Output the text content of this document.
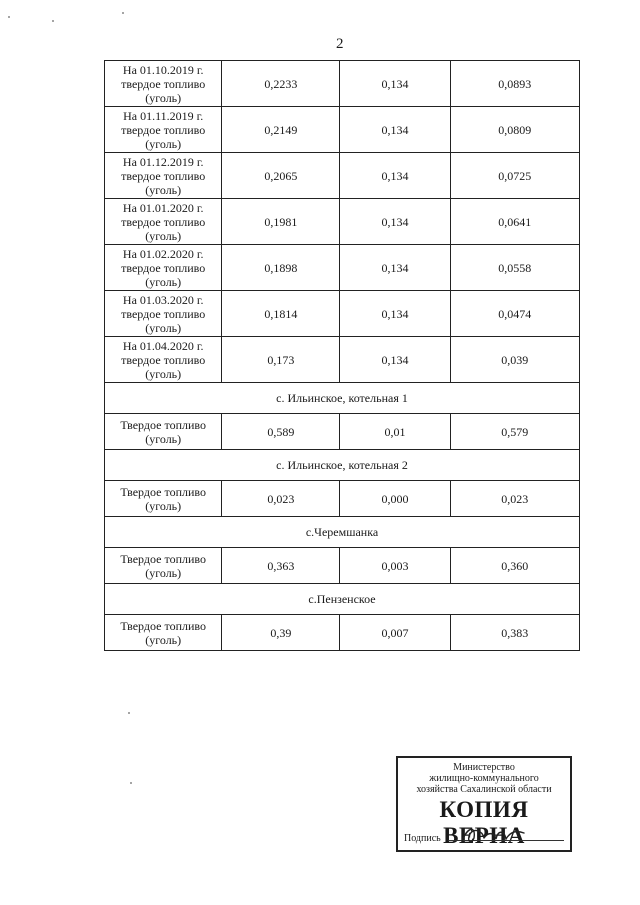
2
На 01.10.2019 г.
твердое топливо
(уголь)	0,2233	0,134	0,0893

На 01.11.2019 г.
твердое топливо
(уголь)	0,2149	0,134	0,0809

На 01.12.2019 г.
твердое топливо
(уголь)	0,2065	0,134	0,0725

На 01.01.2020 г.
твердое топливо
(уголь)	0,1981	0,134	0,0641

На 01.02.2020 г.
твердое топливо
(уголь)	0,1898	0,134	0,0558

На 01.03.2020 г.
твердое топливо
(уголь)	0,1814	0,134	0,0474

На 01.04.2020 г.
твердое топливо
(уголь)	0,173	0,134	0,039
с. Ильинское, котельная 1			

Твердое топливо
(уголь)	0,589	0,01	0,579
с. Ильинское, котельная 2			

Твердое топливо
(уголь)	0,023	0,000	0,023
с.Черемшанка			

Твердое топливо
(уголь)	0,363	0,003	0,360
с.Пензенское			

Твердое топливо
(уголь)	0,39	0,007	0,383
Министерство
жилищно-коммунального
хозяйства Сахалинской области
КОПИЯ ВЕРНА
Подпись
